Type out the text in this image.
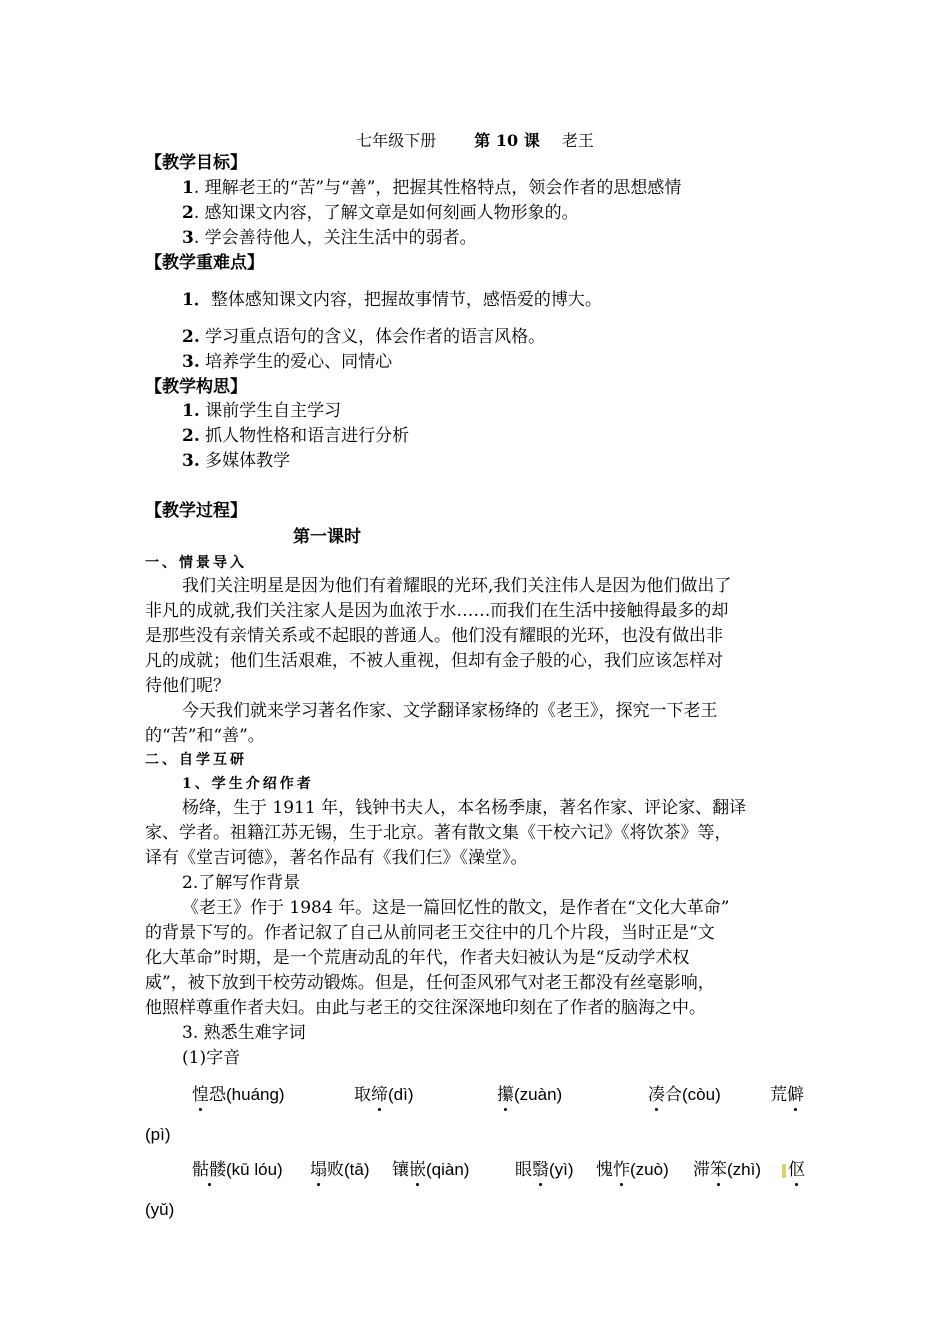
七年级下册 第 10 课 老王
【教学目标】
1. 理解老王的“苦”与“善”，把握其性格特点，领会作者的思想感情
2. 感知课文内容，了解文章是如何刻画人物形象的。
3. 学会善待他人，关注生活中的弱者。
【教学重难点】
1．整体感知课文内容，把握故事情节，感悟爱的博大。
2. 学习重点语句的含义，体会作者的语言风格。
3. 培养学生的爱心、同情心
【教学构思】
1. 课前学生自主学习
2. 抓人物性格和语言进行分析
3. 多媒体教学
【教学过程】
第一课时
一、情景导入
我们关注明星是因为他们有着耀眼的光环,我们关注伟人是因为他们做出了
非凡的成就,我们关注家人是因为血浓于水……而我们在生活中接触得最多的却
是那些没有亲情关系或不起眼的普通人。他们没有耀眼的光环，也没有做出非
凡的成就；他们生活艰难，不被人重视，但却有金子般的心，我们应该怎样对
待他们呢？
今天我们就来学习著名作家、文学翻译家杨绛的《老王》，探究一下老王
的“苦”和“善”。
二、自学互研
1、学生介绍作者
杨绛，生于 1911 年，钱钟书夫人，本名杨季康，著名作家、评论家、翻译
家、学者。祖籍江苏无锡，生于北京。著有散文集《干校六记》《将饮茶》等，
译有《堂吉诃德》，著名作品有《我们仨》《澡堂》。
2.了解写作背景
《老王》作于 1984 年。这是一篇回忆性的散文，是作者在“文化大革命”
的背景下写的。作者记叙了自己从前同老王交往中的几个片段，当时正是“文
化大革命”时期，是一个荒唐动乱的年代，作者夫妇被认为是“反动学术权
威”，被下放到干校劳动锻炼。但是，任何歪风邪气对老王都没有丝毫影响，
他照样尊重作者夫妇。由此与老王的交往深深地印刻在了作者的脑海之中。
3. 熟悉生难字词
(1)字音
惶恐(huáng)	取缔(dì)	攥(zuàn)	凑合(còu)	荒僻
(pì)
骷髅(kū lóu) 塌败(tā) 镶嵌(qiàn)	眼翳(yì) 愧怍(zuò) 滞笨(zhì)	伛
(yǔ)
